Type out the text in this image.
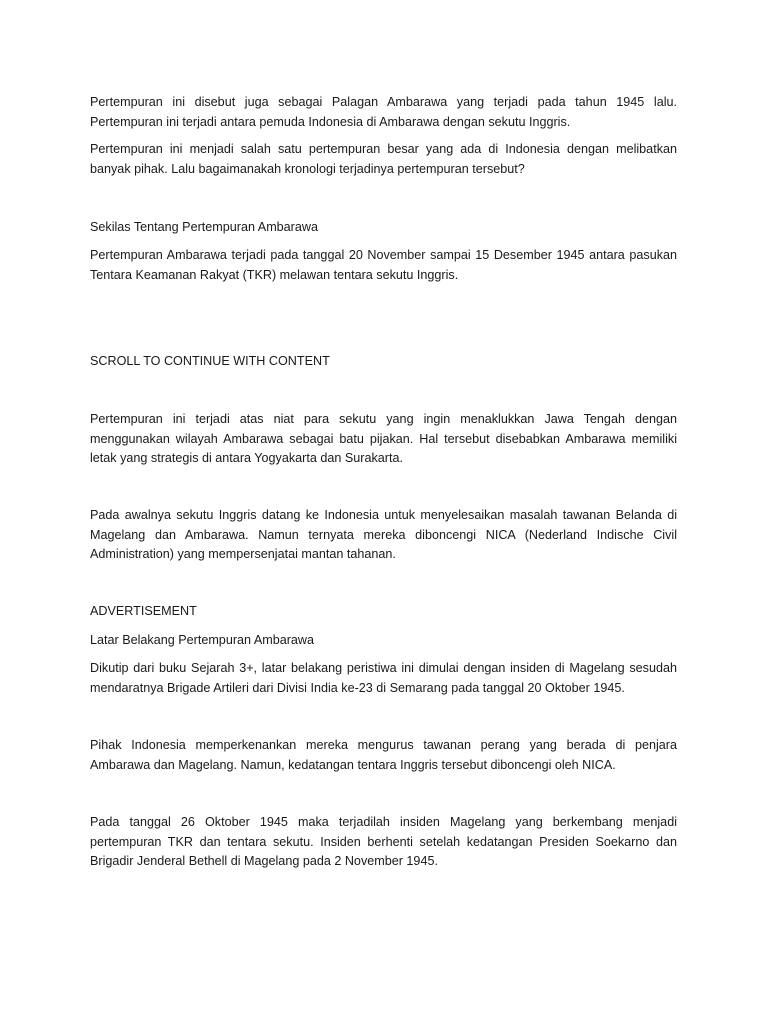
Pertempuran ini disebut juga sebagai Palagan Ambarawa yang terjadi pada tahun 1945 lalu. Pertempuran ini terjadi antara pemuda Indonesia di Ambarawa dengan sekutu Inggris.

Pertempuran ini menjadi salah satu pertempuran besar yang ada di Indonesia dengan melibatkan banyak pihak. Lalu bagaimanakah kronologi terjadinya pertempuran tersebut?

Sekilas Tentang Pertempuran Ambarawa

Pertempuran Ambarawa terjadi pada tanggal 20 November sampai 15 Desember 1945 antara pasukan Tentara Keamanan Rakyat (TKR) melawan tentara sekutu Inggris.

SCROLL TO CONTINUE WITH CONTENT

Pertempuran ini terjadi atas niat para sekutu yang ingin menaklukkan Jawa Tengah dengan menggunakan wilayah Ambarawa sebagai batu pijakan. Hal tersebut disebabkan Ambarawa memiliki letak yang strategis di antara Yogyakarta dan Surakarta.

Pada awalnya sekutu Inggris datang ke Indonesia untuk menyelesaikan masalah tawanan Belanda di Magelang dan Ambarawa. Namun ternyata mereka diboncengi NICA (Nederland Indische Civil Administration) yang mempersenjatai mantan tahanan.

ADVERTISEMENT

Latar Belakang Pertempuran Ambarawa

Dikutip dari buku Sejarah 3+, latar belakang peristiwa ini dimulai dengan insiden di Magelang sesudah mendaratnya Brigade Artileri dari Divisi India ke-23 di Semarang pada tanggal 20 Oktober 1945.

Pihak Indonesia memperkenankan mereka mengurus tawanan perang yang berada di penjara Ambarawa dan Magelang. Namun, kedatangan tentara Inggris tersebut diboncengi oleh NICA.

Pada tanggal 26 Oktober 1945 maka terjadilah insiden Magelang yang berkembang menjadi pertempuran TKR dan tentara sekutu. Insiden berhenti setelah kedatangan Presiden Soekarno dan Brigadir Jenderal Bethell di Magelang pada 2 November 1945.
